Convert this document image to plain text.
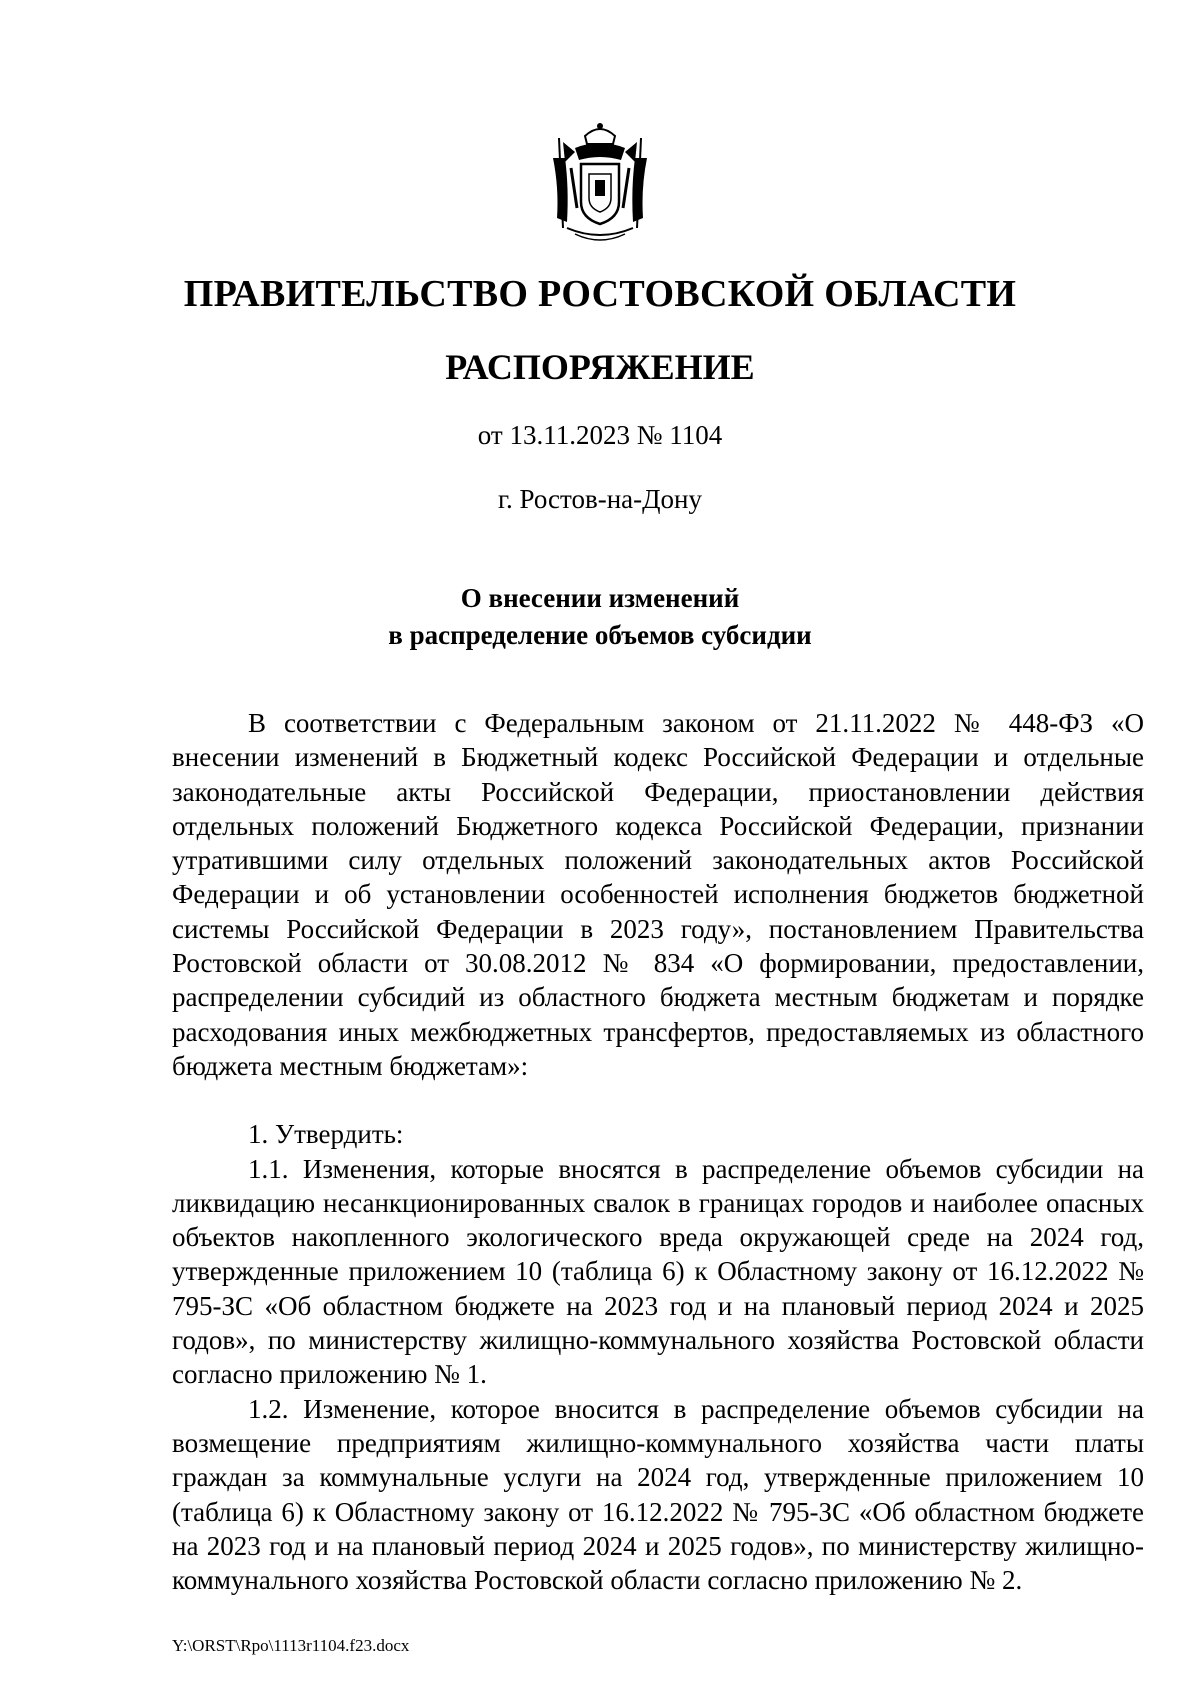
ПРАВИТЕЛЬСТВО РОСТОВСКОЙ ОБЛАСТИ
РАСПОРЯЖЕНИЕ
от 13.11.2023 № 1104
г. Ростов-на-Дону
О внесении изменений
в распределение объемов субсидии

В соответствии с Федеральным законом от 21.11.2022 № 448-ФЗ «О внесении изменений в Бюджетный кодекс Российской Федерации и отдельные законодательные акты Российской Федерации, приостановлении действия отдельных положений Бюджетного кодекса Российской Федерации, признании утратившими силу отдельных положений законодательных актов Российской Федерации и об установлении особенностей исполнения бюджетов бюджетной системы Российской Федерации в 2023 году», постановлением Правительства Ростовской области от 30.08.2012 № 834 «О формировании, предоставлении, распределении субсидий из областного бюджета местным бюджетам и порядке расходования иных межбюджетных трансфертов, предоставляемых из областного бюджета местным бюджетам»:

1. Утвердить:

1.1. Изменения, которые вносятся в распределение объемов субсидии на ликвидацию несанкционированных свалок в границах городов и наиболее опасных объектов накопленного экологического вреда окружающей среде на 2024 год, утвержденные приложением 10 (таблица 6) к Областному закону от 16.12.2022 № 795-ЗС «Об областном бюджете на 2023 год и на плановый период 2024 и 2025 годов», по министерству жилищно-коммунального хозяйства Ростовской области согласно приложению № 1.

1.2. Изменение, которое вносится в распределение объемов субсидии на возмещение предприятиям жилищно-коммунального хозяйства части платы граждан за коммунальные услуги на 2024 год, утвержденные приложением 10 (таблица 6) к Областному закону от 16.12.2022 № 795-ЗС «Об областном бюджете на 2023 год и на плановый период 2024 и 2025 годов», по министерству жилищно-коммунального хозяйства Ростовской области согласно приложению № 2.

Y:\ORST\Rpo\1113r1104.f23.docx
